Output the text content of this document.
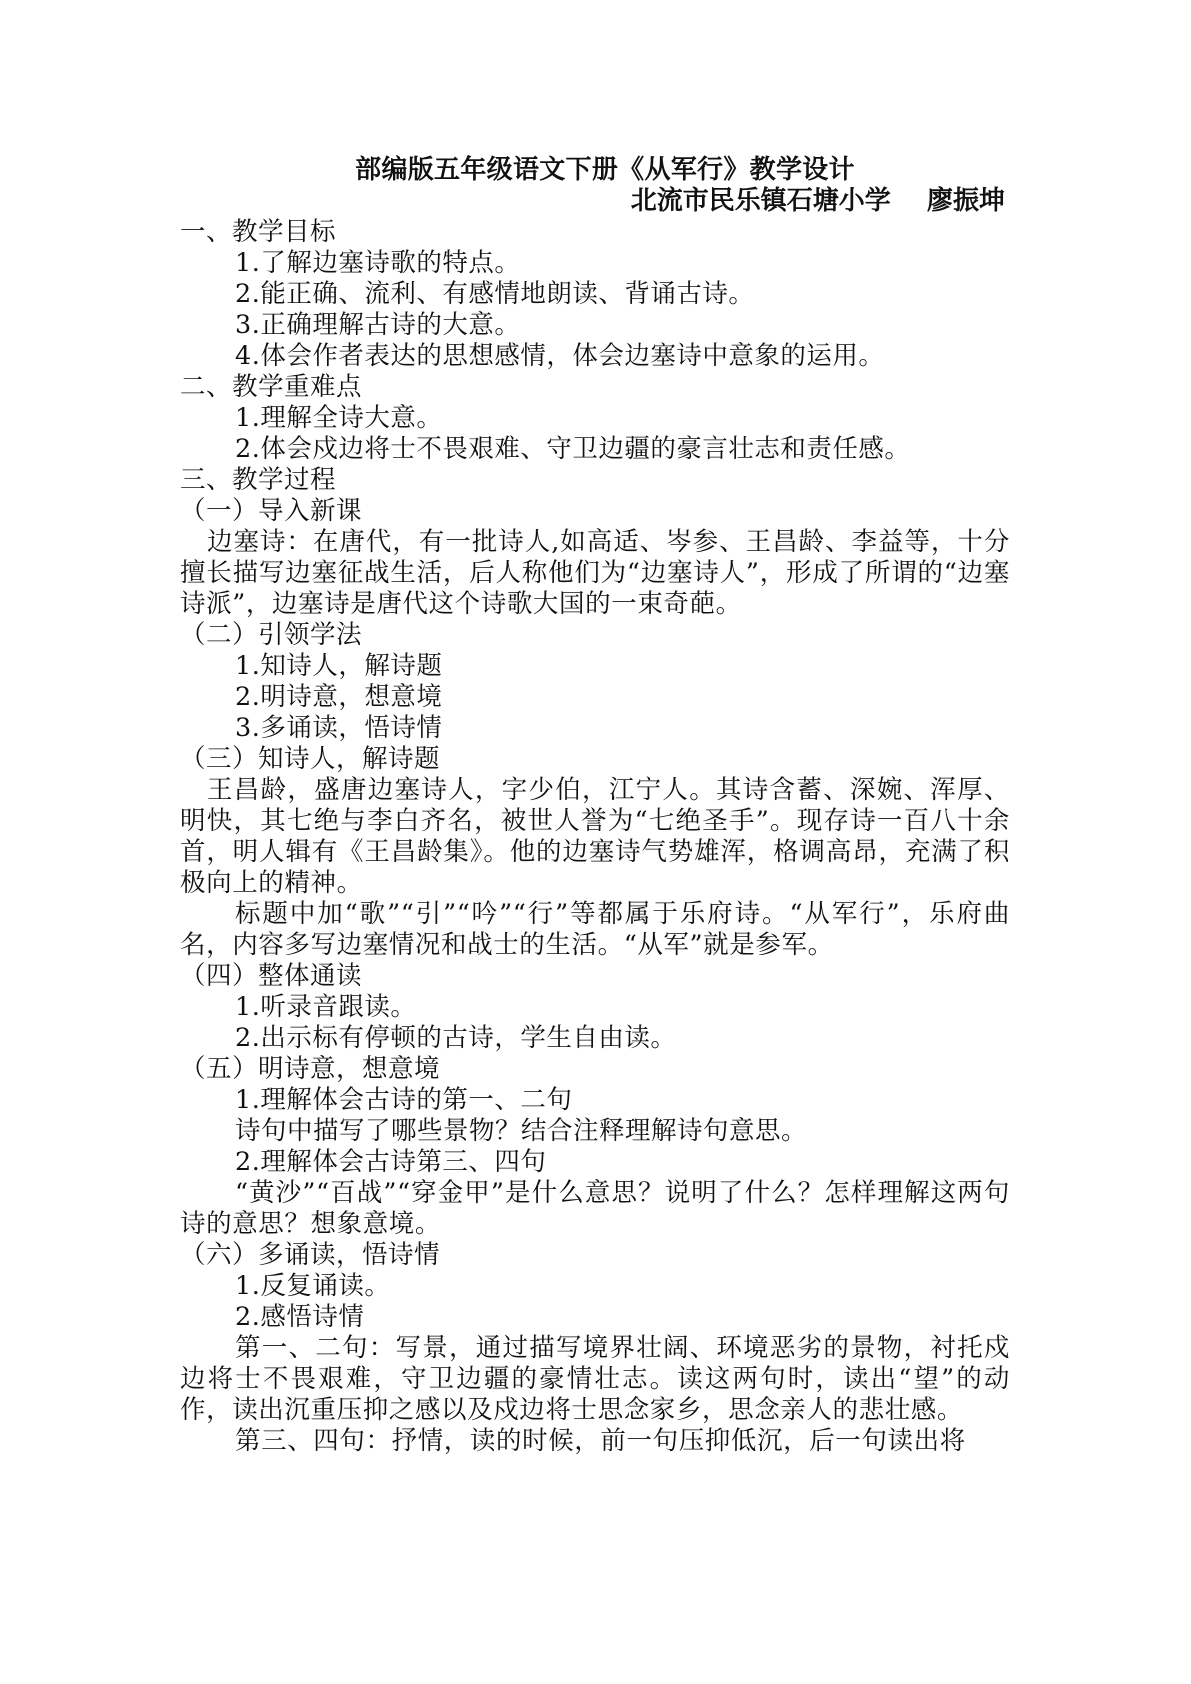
部编版五年级语文下册《从军行》教学设计
北流市民乐镇石塘小学    廖振坤
一、教学目标
1.了解边塞诗歌的特点。
2.能正确、流利、有感情地朗读、背诵古诗。
3.正确理解古诗的大意。
4.体会作者表达的思想感情，体会边塞诗中意象的运用。
二、教学重难点
1.理解全诗大意。
2.体会戍边将士不畏艰难、守卫边疆的豪言壮志和责任感。
三、教学过程
（一）导入新课
边塞诗：在唐代，有一批诗人,如高适、岑参、王昌龄、李益等，十分擅长描写边塞征战生活，后人称他们为“边塞诗人”，形成了所谓的“边塞诗派”，边塞诗是唐代这个诗歌大国的一束奇葩。
（二）引领学法
1.知诗人，解诗题
2.明诗意，想意境
3.多诵读，悟诗情
（三）知诗人，解诗题
王昌龄，盛唐边塞诗人，字少伯，江宁人。其诗含蓄、深婉、浑厚、明快，其七绝与李白齐名，被世人誉为“七绝圣手”。现存诗一百八十余首，明人辑有《王昌龄集》。他的边塞诗气势雄浑，格调高昂，充满了积极向上的精神。
标题中加“歌”“引”“吟”“行”等都属于乐府诗。“从军行”，乐府曲名，内容多写边塞情况和战士的生活。“从军”就是参军。
（四）整体通读
1.听录音跟读。
2.出示标有停顿的古诗，学生自由读。
（五）明诗意，想意境
1.理解体会古诗的第一、二句
诗句中描写了哪些景物？结合注释理解诗句意思。
2.理解体会古诗第三、四句
“黄沙”“百战”“穿金甲”是什么意思？说明了什么？怎样理解这两句诗的意思？想象意境。
（六）多诵读，悟诗情
1.反复诵读。
2.感悟诗情
第一、二句：写景，通过描写境界壮阔、环境恶劣的景物，衬托戍边将士不畏艰难，守卫边疆的豪情壮志。读这两句时，读出“望”的动作，读出沉重压抑之感以及戍边将士思念家乡，思念亲人的悲壮感。
第三、四句：抒情，读的时候，前一句压抑低沉，后一句读出将
